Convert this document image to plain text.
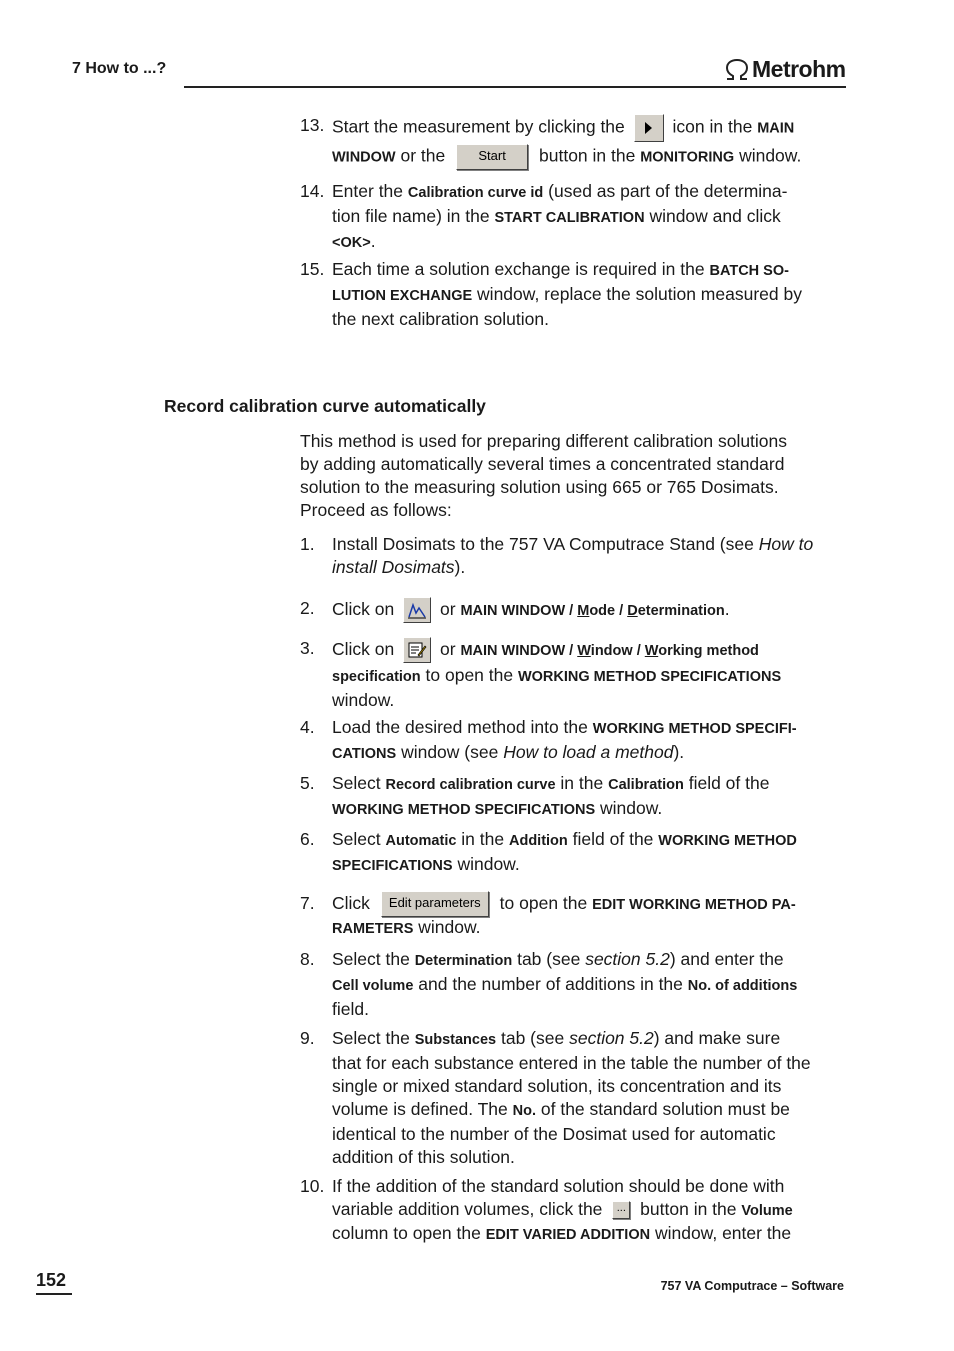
7 How to ...?	Metrohm
13. Start the measurement by clicking the	icon in the MAIN
WINDOW or the	Start button in the MONITORING window.
14. Enter the Calibration curve id (used as part of the determina-
tion file name) in the START CALIBRATION window and click
<OK>.
15. Each time a solution exchange is required in the BATCH SO-
LUTION EXCHANGE window, replace the solution measured by
the next calibration solution.
Record calibration curve automatically
This method is used for preparing different calibration solutions
by adding automatically several times a concentrated standard
solution to the measuring solution using 665 or 765 Dosimats.
Proceed as follows:
1. Install Dosimats to the 757 VA Computrace Stand (see How to
install Dosimats).
2. Click on	or MAIN WINDOW / Mode / Determination.
3. Click on	or MAIN WINDOW / Window / Working method
specification to open the WORKING METHOD SPECIFICATIONS
window.
4. Load the desired method into the WORKING METHOD SPECIFI-
CATIONS window (see How to load a method).
5. Select Record calibration curve in the Calibration field of the
WORKING METHOD SPECIFICATIONS window.
6. Select Automatic in the Addition field of the WORKING METHOD
SPECIFICATIONS window.
7. Click Edit parameters to open the EDIT WORKING METHOD PA-
RAMETERS window.
8. Select the Determination tab (see section 5.2) and enter the
Cell volume and the number of additions in the No. of additions
field.
9. Select the Substances tab (see section 5.2) and make sure
that for each substance entered in the table the number of the
single or mixed standard solution, its concentration and its
volume is defined. The No. of the standard solution must be
identical to the number of the Dosimat used for automatic
addition of this solution.
10. If the addition of the standard solution should be done with
variable addition volumes, click the ... button in the Volume
column to open the EDIT VARIED ADDITION window, enter the
152	757 VA Computrace – Software
